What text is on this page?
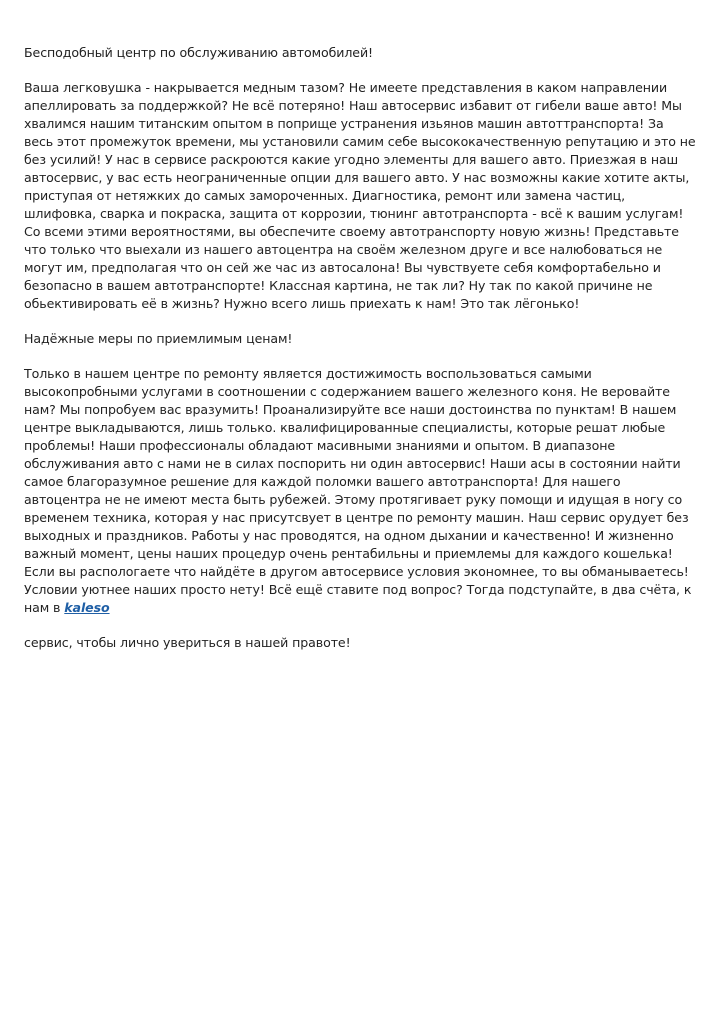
Бесподобный центр по обслуживанию автомобилей!

Ваша легковушка - накрывается медным тазом? Не имеете представления в каком направлении апеллировать за поддержкой? Не всё потеряно! Наш автосервис избавит от гибели ваше авто! Мы хвалимся нашим титанским опытом в поприще устранения изьянов машин автоттранспорта! За весь этот промежуток времени, мы установили самим себе высококачественную репутацию и это не без усилий! У нас в сервисе раскроются какие угодно элементы для вашего авто. Приезжая в наш автосервис, у вас есть неограниченные опции для вашего авто. У нас возможны какие хотите акты, приступая от нетяжких до самых замороченных. Диагностика, ремонт или замена частиц, шлифовка, сварка и покраска, защита от коррозии, тюнинг автотранспорта - всё к вашим услугам! Со всеми этими вероятностями, вы обеспечите своему автотранспорту новую жизнь! Представьте что только что выехали из нашего автоцентра на своём железном друге и все налюбоваться не могут им, предполагая что он сей же час из автосалона! Вы чувствуете себя комфортабельно и безопасно в вашем автотранспорте! Классная картина, не так ли? Ну так по какой причине не обьективировать её в жизнь? Нужно всего лишь приехать к нам! Это так лёгонько!

Надёжные меры по приемлимым ценам!

Только в нашем центре по ремонту является достижимость воспользоваться самыми высокопробными услугами в соотношении с содержанием вашего железного коня. Не веровайте нам? Мы попробуем вас вразумить! Проанализируйте все наши достоинства по пунктам! В нашем центре выкладываются, лишь только. квалифицированные специалисты, которые решат любые проблемы! Наши профессионалы обладают масивными знаниями и опытом. В диапазоне обслуживания авто с нами не в силах поспорить ни один автосервис! Наши асы в состоянии найти самое благоразумное решение для каждой поломки вашего автотранспорта! Для нашего автоцентра не не имеют места быть рубежей. Этому протягивает руку помощи и идущая в ногу со временем техника, которая у нас присутсвует в центре по ремонту машин. Наш сервис орудует без выходных и праздников. Работы у нас проводятся, на одном дыхании и качественно! И жизненно важный момент, цены наших процедур очень рентабильны и приемлемы для каждого кошелька! Если вы распологаете что найдёте в другом автосервисе условия экономнее, то вы обманываетесь! Условии уютнее наших просто нету! Всё ещё ставите под вопрос? Тогда подступайте, в два счёта, к нам в kaleso

сервис, чтобы лично увериться в нашей правоте!
